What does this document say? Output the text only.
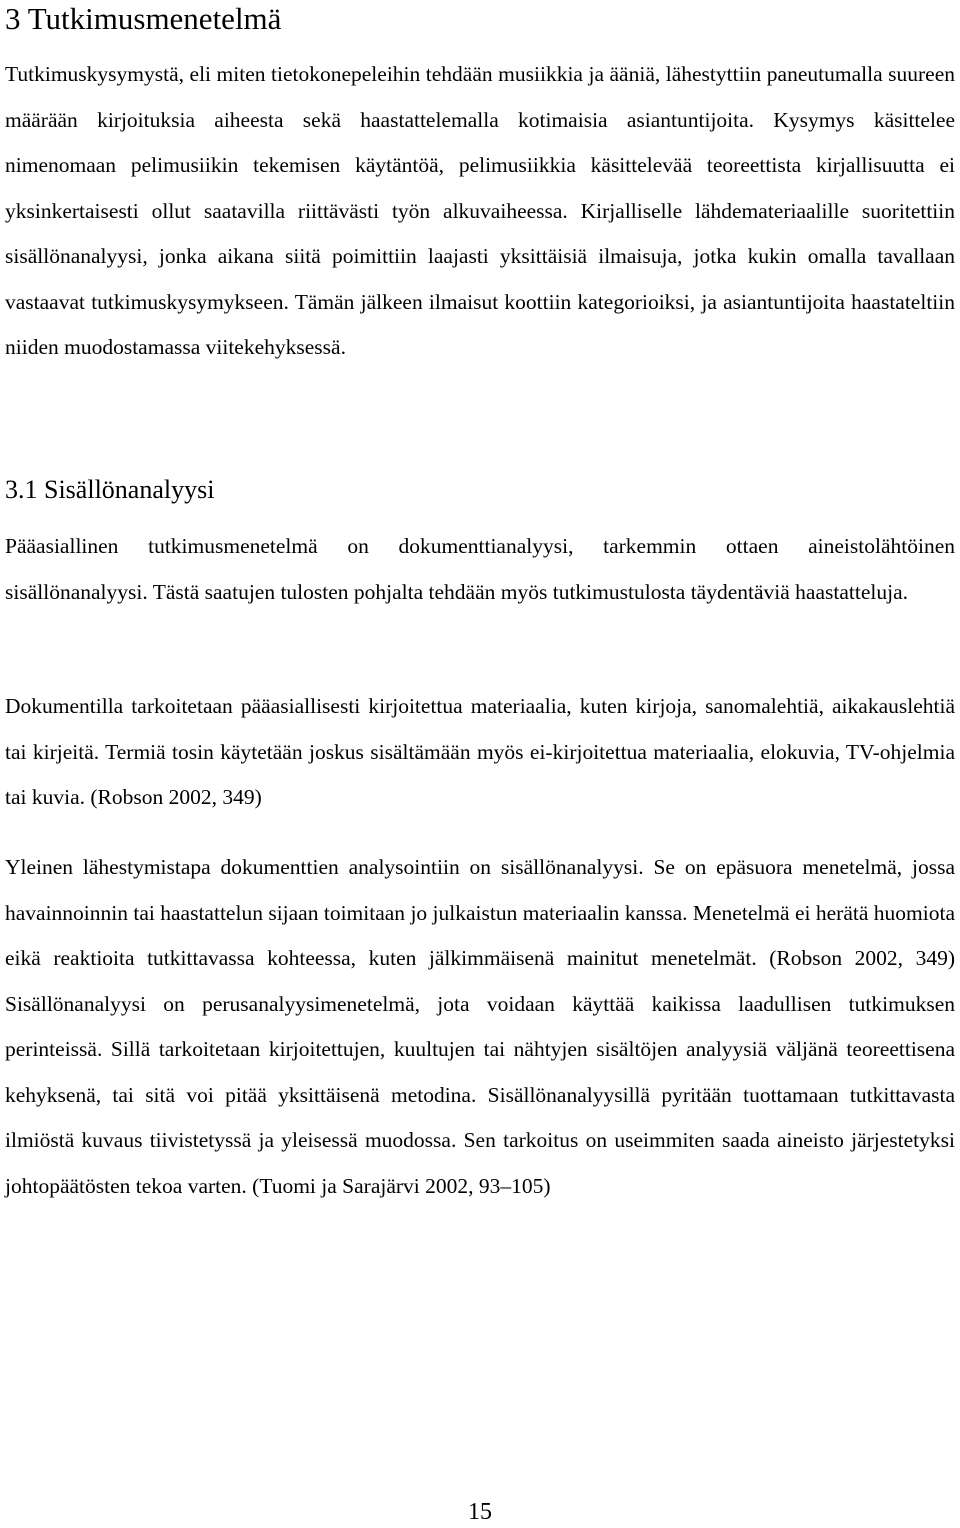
3 Tutkimusmenetelmä

Tutkimuskysymystä, eli miten tietokonepeleihin tehdään musiikkia ja ääniä, lähestyttiin paneutumalla suureen määrään kirjoituksia aiheesta sekä haastattelemalla kotimaisia asiantuntijoita. Kysymys käsittelee nimenomaan pelimusiikin tekemisen käytäntöä, pelimusiikkia käsittelevää teoreettista kirjallisuutta ei yksinkertaisesti ollut saatavilla riittävästi työn alkuvaiheessa. Kirjalliselle lähdemateriaalille suoritettiin sisällönanalyysi, jonka aikana siitä poimittiin laajasti yksittäisiä ilmaisuja, jotka kukin omalla tavallaan vastaavat tutkimuskysymykseen. Tämän jälkeen ilmaisut koottiin kategorioiksi, ja asiantuntijoita haastateltiin niiden muodostamassa viitekehyksessä.

3.1 Sisällönanalyysi

Pääasiallinen tutkimusmenetelmä on dokumenttianalyysi, tarkemmin ottaen aineistolähtöinen sisällönanalyysi. Tästä saatujen tulosten pohjalta tehdään myös tutkimustulosta täydentäviä haastatteluja.

Dokumentilla tarkoitetaan pääasiallisesti kirjoitettua materiaalia, kuten kirjoja, sanomalehtiä, aikakauslehtiä tai kirjeitä. Termiä tosin käytetään joskus sisältämään myös ei-kirjoitettua materiaalia, elokuvia, TV-ohjelmia tai kuvia. (Robson 2002, 349)

Yleinen lähestymistapa dokumenttien analysointiin on sisällönanalyysi. Se on epäsuora menetelmä, jossa havainnoinnin tai haastattelun sijaan toimitaan jo julkaistun materiaalin kanssa. Menetelmä ei herätä huomiota eikä reaktioita tutkittavassa kohteessa, kuten jälkimmäisenä mainitut menetelmät. (Robson 2002, 349) Sisällönanalyysi on perusanalyysimenetelmä, jota voidaan käyttää kaikissa laadullisen tutkimuksen perinteissä. Sillä tarkoitetaan kirjoitettujen, kuultujen tai nähtyjen sisältöjen analyysiä väljänä teoreettisena kehyksenä, tai sitä voi pitää yksittäisenä metodina. Sisällönanalyysillä pyritään tuottamaan tutkittavasta ilmiöstä kuvaus tiivistetyssä ja yleisessä muodossa. Sen tarkoitus on useimmiten saada aineisto järjestetyksi johtopäätösten tekoa varten. (Tuomi ja Sarajärvi 2002, 93–105)

15
